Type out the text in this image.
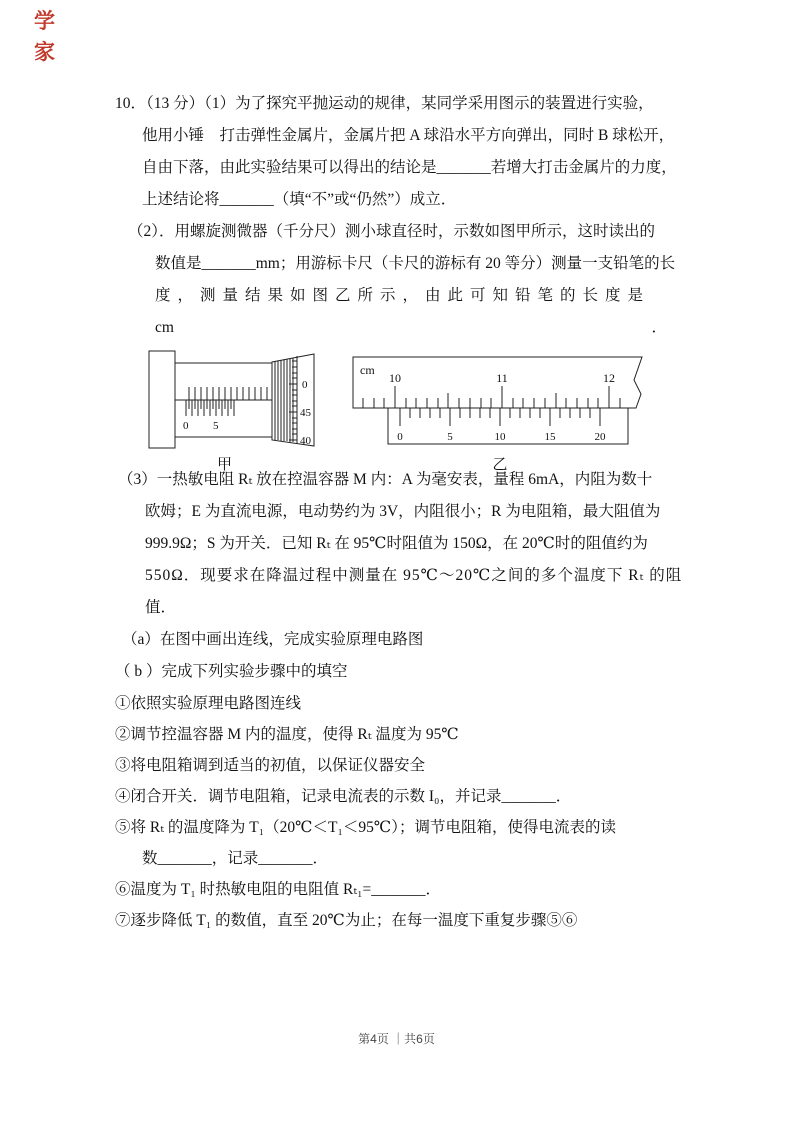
学
家
10．（13 分）（1）为了探究平抛运动的规律，某同学采用图示的装置进行实验，
他用小锤　打击弹性金属片，金属片把 A 球沿水平方向弹出，同时 B 球松开，
自由下落，由此实验结果可以得出的结论是_______若增大打击金属片的力度，
上述结论将_______（填“不”或“仍然”）成立．
（2）．用螺旋测微器（千分尺）测小球直径时，示数如图甲所示，这时读出的
数值是_______mm；用游标卡尺（卡尺的游标有 20 等分）测量一支铅笔的长
度，测量结果如图乙所示，由此可知铅笔的长度是
cm	．
0 5
0
45
40
甲
cm
10	11	12
0	5	10	15	20
乙
（3）一热敏电阻 Rₜ 放在控温容器 M 内：A 为毫安表，量程 6mA，内阻为数十
欧姆；E 为直流电源，电动势约为 3V，内阻很小；R 为电阻箱，最大阻值为
999.9Ω；S 为开关．已知 Rₜ 在 95℃时阻值为 150Ω，在 20℃时的阻值约为
550Ω．现要求在降温过程中测量在 95℃～20℃之间的多个温度下 Rₜ 的阻
值．
（a）在图中画出连线，完成实验原理电路图
（ b ）完成下列实验步骤中的填空
①依照实验原理电路图连线
②调节控温容器 M 内的温度，使得 Rₜ 温度为 95℃
③将电阻箱调到适当的初值，以保证仪器安全
④闭合开关．调节电阻箱，记录电流表的示数 I₀，并记录_______．
⑤将 Rₜ 的温度降为 T₁（20℃＜T₁＜95℃）；调节电阻箱，使得电流表的读
数_______，记录_______．
⑥温度为 T₁ 时热敏电阻的电阻值 Rₜ₁=_______．
⑦逐步降低 T₁ 的数值，直至 20℃为止；在每一温度下重复步骤⑤⑥
第4页 ｜共6页
